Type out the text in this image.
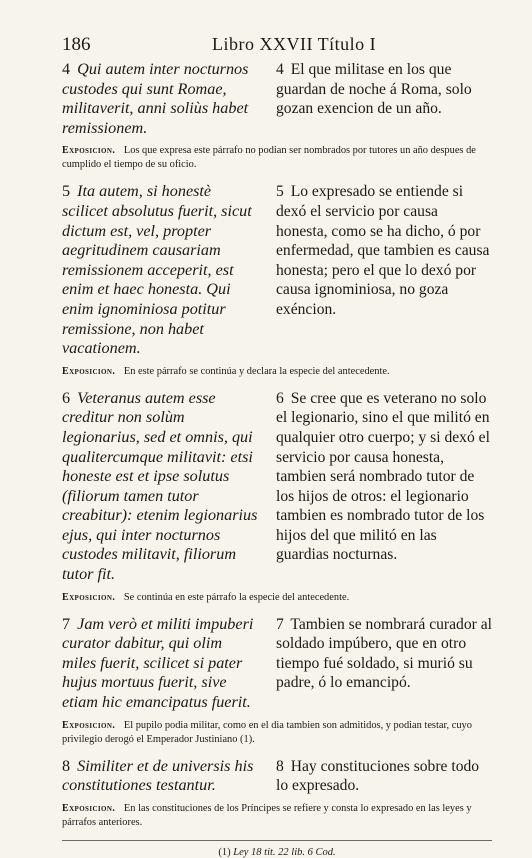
186	Libro XXVII Título I
4 Qui autem inter nocturnos custodes qui sunt Romae, militaverit, anni soliùs habet remissionem.
4 El que militase en los que guardan de noche á Roma, solo gozan exencion de un año.
Exposicion. Los que expresa este párrafo no podian ser nombrados por tutores un año despues de cumplido el tiempo de su oficio.
5 Ita autem, si honestè scilicet absolutus fuerit, sicut dictum est, vel, propter aegritudinem causariam remissionem acceperit, est enim et haec honesta. Qui enim ignominiosa potitur remissione, non habet vacationem.
5 Lo expresado se entiende si dexó el servicio por causa honesta, como se ha dicho, ó por enfermedad, que tambien es causa honesta; pero el que lo dexó por causa ignominiosa, no goza exéncion.
Exposicion. En este párrafo se continúa y declara la especie del antecedente.
6 Veteranus autem esse creditur non solùm legionarius, sed et omnis, qui qualitercumque militavit: etsi honeste est et ipse solutus (filiorum tamen tutor creabitur): etenim legionarius ejus, qui inter nocturnos custodes militavit, filiorum tutor fit.
6 Se cree que es veterano no solo el legionario, sino el que militó en qualquier otro cuerpo; y si dexó el servicio por causa honesta, tambien será nombrado tutor de los hijos de otros: el legionario tambien es nombrado tutor de los hijos del que militó en las guardias nocturnas.
Exposicion. Se continúa en este párrafo la especie del antecedente.
7 Jam verò et militi impuberi curator dabitur, qui olim miles fuerit, scilicet si pater hujus mortuus fuerit, sive etiam hic emancipatus fuerit.
7 Tambien se nombrará curador al soldado impúbero, que en otro tiempo fué soldado, si murió su padre, ó lo emancipó.
Exposicion. El pupilo podia militar, como en el dia tambien son admitidos, y podian testar, cuyo privilegio derogó el Emperador Justiniano (1).
8 Similiter et de universis his constitutiones testantur.
8 Hay constituciones sobre todo lo expresado.
Exposicion. En las constituciones de los Príncipes se refiere y consta lo expresado en las leyes y párrafos anteriores.
(1) Ley 18 tit. 22 lib. 6 Cod.
